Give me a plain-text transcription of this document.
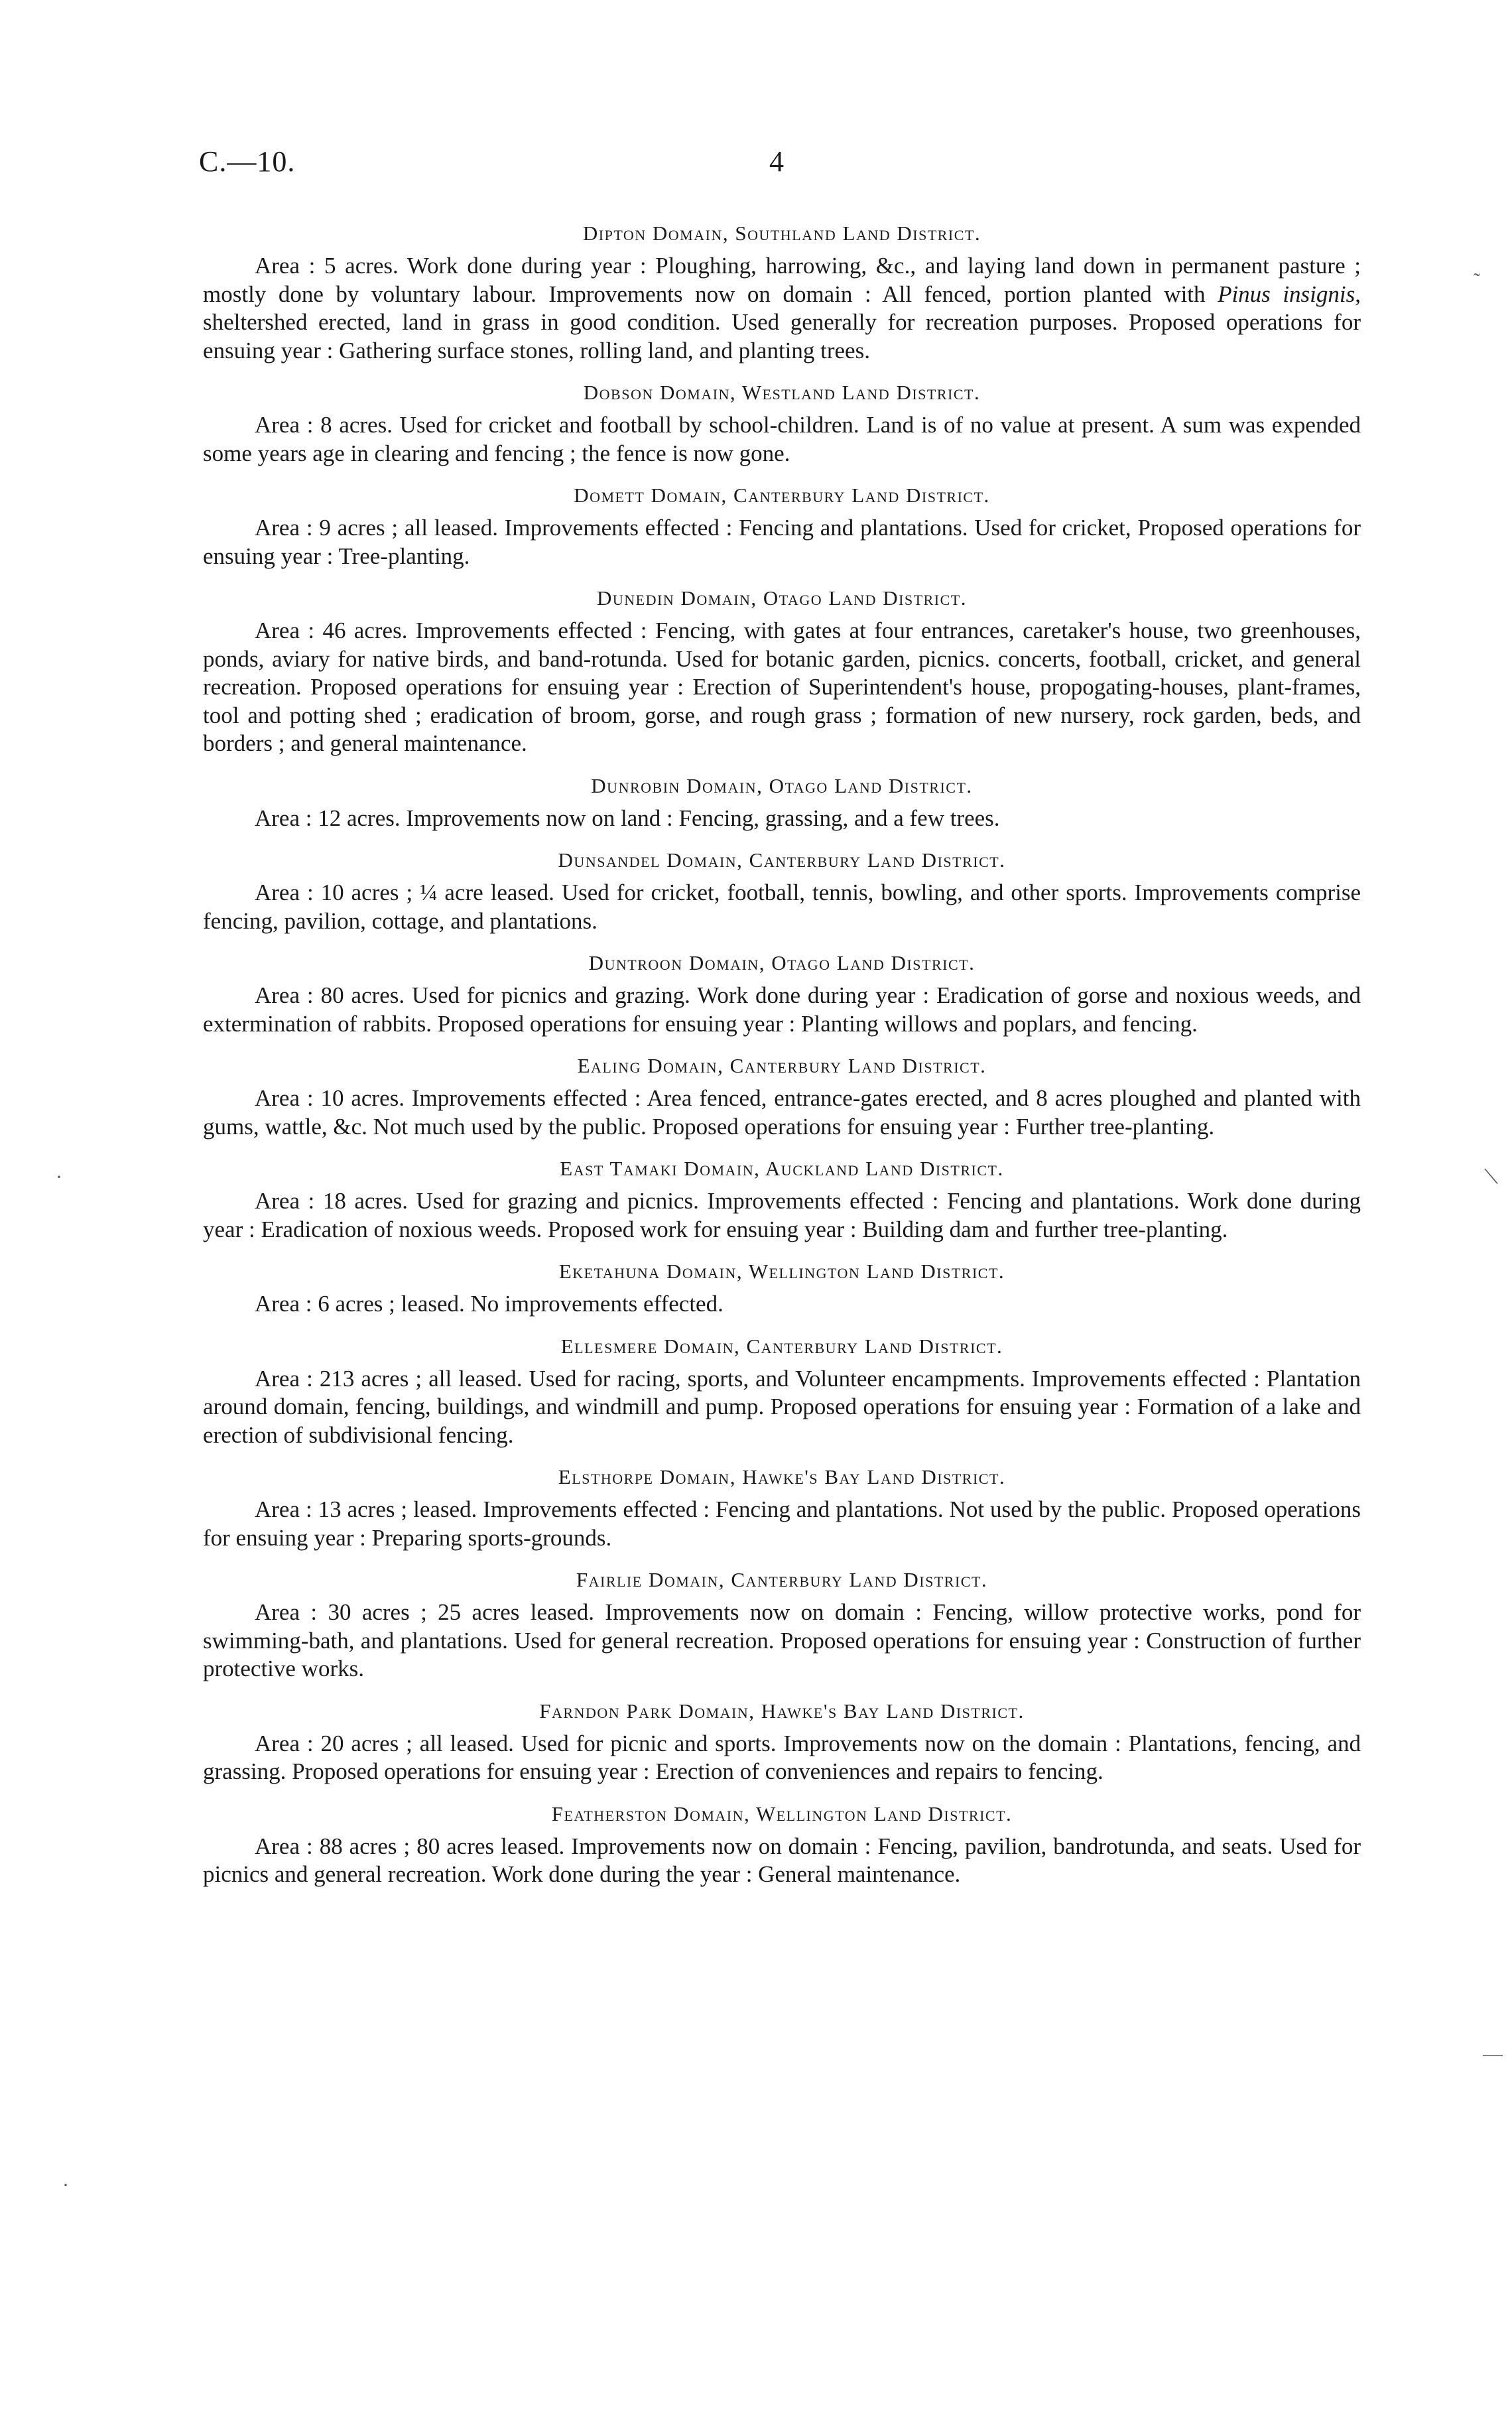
C.—10.	4
Dipton Domain, Southland Land District.

Area : 5 acres. Work done during year : Ploughing, harrowing, &c., and laying land down in permanent pasture ; mostly done by voluntary labour. Improvements now on domain : All fenced, portion planted with Pinus insignis, sheltershed erected, land in grass in good condition. Used generally for recreation purposes. Proposed operations for ensuing year : Gathering surface stones, rolling land, and planting trees.

Dobson Domain, Westland Land District.

Area : 8 acres. Used for cricket and football by school-children. Land is of no value at present. A sum was expended some years age in clearing and fencing ; the fence is now gone.

Domett Domain, Canterbury Land District.

Area : 9 acres ; all leased. Improvements effected : Fencing and plantations. Used for cricket, Proposed operations for ensuing year : Tree-planting.

Dunedin Domain, Otago Land District.

Area : 46 acres. Improvements effected : Fencing, with gates at four entrances, caretaker's house, two greenhouses, ponds, aviary for native birds, and band-rotunda. Used for botanic garden, picnics. concerts, football, cricket, and general recreation. Proposed operations for ensuing year : Erection of Superintendent's house, propogating-houses, plant-frames, tool and potting shed ; eradication of broom, gorse, and rough grass ; formation of new nursery, rock garden, beds, and borders ; and general maintenance.

Dunrobin Domain, Otago Land District.

Area : 12 acres. Improvements now on land : Fencing, grassing, and a few trees.

Dunsandel Domain, Canterbury Land District.

Area : 10 acres ; ¼ acre leased. Used for cricket, football, tennis, bowling, and other sports. Improvements comprise fencing, pavilion, cottage, and plantations.

Duntroon Domain, Otago Land District.

Area : 80 acres. Used for picnics and grazing. Work done during year : Eradication of gorse and noxious weeds, and extermination of rabbits. Proposed operations for ensuing year : Planting willows and poplars, and fencing.

Ealing Domain, Canterbury Land District.

Area : 10 acres. Improvements effected : Area fenced, entrance-gates erected, and 8 acres ploughed and planted with gums, wattle, &c. Not much used by the public. Proposed operations for ensuing year : Further tree-planting.

East Tamaki Domain, Auckland Land District.

Area : 18 acres. Used for grazing and picnics. Improvements effected : Fencing and plantations. Work done during year : Eradication of noxious weeds. Proposed work for ensuing year : Building dam and further tree-planting.

Eketahuna Domain, Wellington Land District.

Area : 6 acres ; leased. No improvements effected.

Ellesmere Domain, Canterbury Land District.

Area : 213 acres ; all leased. Used for racing, sports, and Volunteer encampments. Improvements effected : Plantation around domain, fencing, buildings, and windmill and pump. Proposed operations for ensuing year : Formation of a lake and erection of subdivisional fencing.

Elsthorpe Domain, Hawke's Bay Land District.

Area : 13 acres ; leased. Improvements effected : Fencing and plantations. Not used by the public. Proposed operations for ensuing year : Preparing sports-grounds.

Fairlie Domain, Canterbury Land District.

Area : 30 acres ; 25 acres leased. Improvements now on domain : Fencing, willow protective works, pond for swimming-bath, and plantations. Used for general recreation. Proposed operations for ensuing year : Construction of further protective works.

Farndon Park Domain, Hawke's Bay Land District.

Area : 20 acres ; all leased. Used for picnic and sports. Improvements now on the domain : Plantations, fencing, and grassing. Proposed operations for ensuing year : Erection of conveniences and repairs to fencing.

Featherston Domain, Wellington Land District.

Area : 88 acres ; 80 acres leased. Improvements now on domain : Fencing, pavilion, bandrotunda, and seats. Used for picnics and general recreation. Work done during the year : General maintenance.

˜
⟍
—
·
·
